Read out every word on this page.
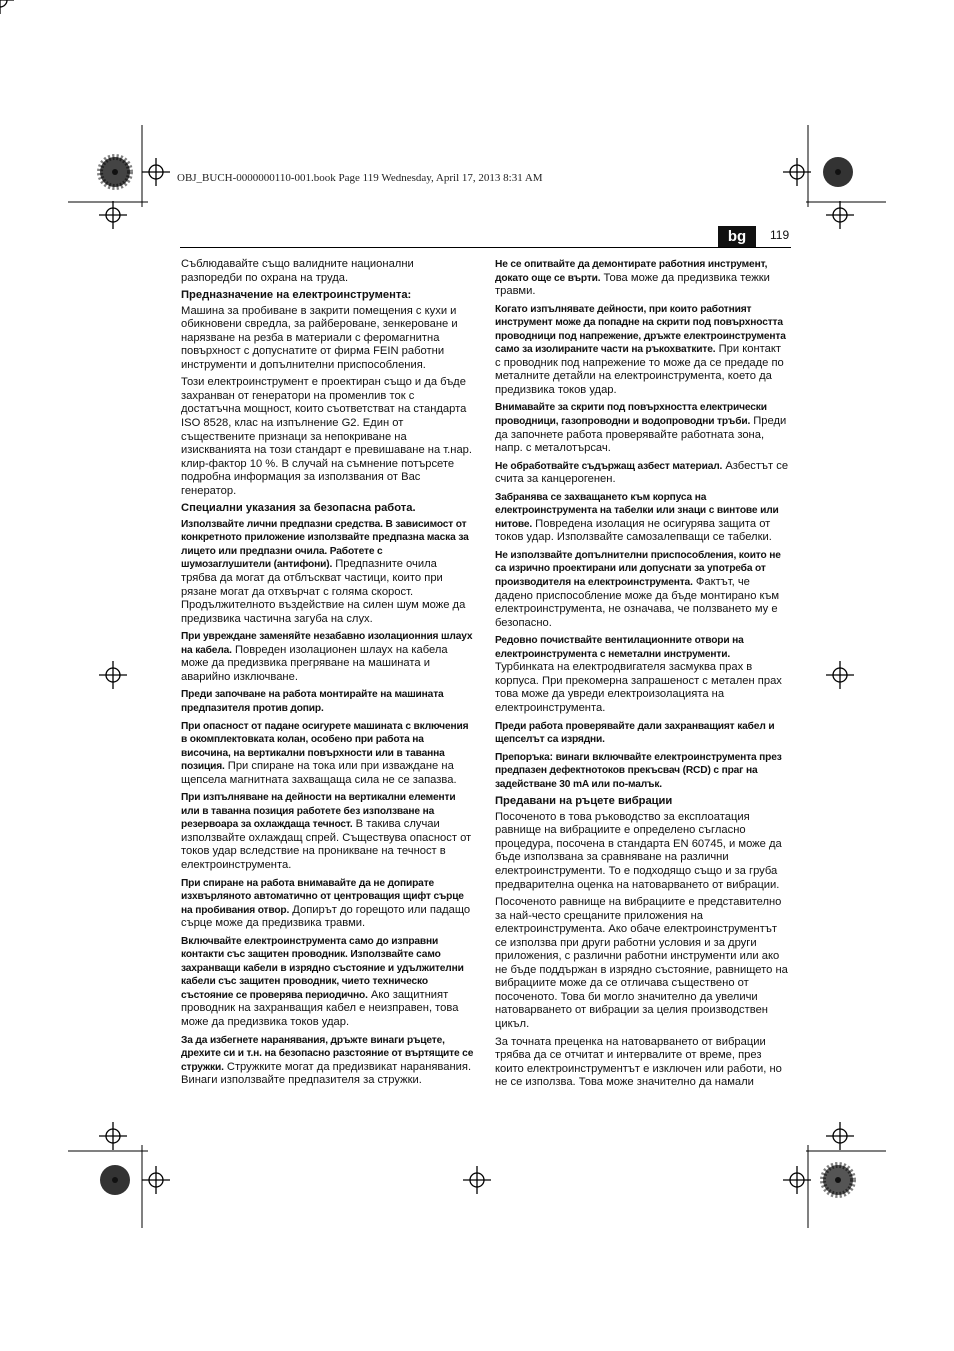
OBJ_BUCH-0000000110-001.book Page 119 Wednesday, April 17, 2013 8:31 AM
bg	119

Съблюдавайте също валидните национални разпоредби по охрана на труда.

Предназначение на електроинструмента:

Машина за пробиване в закрити помещения с кухи и обикновени свредла, за райбероване, зенкероване и нарязване на резба в материали с феромагнитна повърхност с допуснатите от фирма FEIN работни инструменти и допълнителни приспособления.

Този електроинструмент е проектиран също и да бъде захранван от генератори на променлив ток с достатъчна мощност, които съответстват на стандарта ISO 8528, клас на изпълнение G2. Един от съществените признаци за непокриване на изискванията на този стандарт е превишаване на т.нар. клир-фактор 10 %. В случай на съмнение потърсете подробна информация за използвания от Вас генератор.

Специални указания за безопасна работа.

Използвайте лични предпазни средства. В зависимост от конкретното приложение използвайте предпазна маска за лицето или предпазни очила. Работете с шумозаглушители (антифони). Предпазните очила трябва да могат да отблъскват частици, които при рязане могат да отхвърчат с голяма скорост. Продължителното въздействие на силен шум може да предизвика частична загуба на слух.

При увреждане заменяйте незабавно изолационния шлаух на кабела. Повреден изолационен шлаух на кабела може да предизвика прегряване на машината и аварийно изключване.

Преди започване на работа монтирайте на машината предпазителя против допир.

При опасност от падане осигурете машината с включения в окомплектовката колан, особено при работа на височина, на вертикални повърхности или в таванна позиция. При спиране на тока или при изваждане на щепсела магнитната захващаща сила не се запазва.

При изпълняване на дейности на вертикални елементи или в таванна позиция работете без използване на резервоара за охлаждаща течност. В такива случаи използвайте охлаждащ спрей. Съществува опасност от токов удар вследствие на проникване на течност в електроинструмента.

При спиране на работа внимавайте да не допирате изхвърляното автоматично от центроващия щифт сърце на пробивания отвор. Допирът до горещото или падащо сърце може да предизвика травми.

Включвайте електроинструмента само до изправни контакти със защитен проводник. Използвайте само захранващи кабели в изрядно състояние и удължителни кабели със защитен проводник, чието техническо състояние се проверява периодично. Ако защитният проводник на захранващия кабел е неизправен, това може да предизвика токов удар.

За да избегнете наранявания, дръжте винаги ръцете, дрехите си и т.н. на безопасно разстояние от въртящите се стружки. Стружките могат да предизвикат наранявания. Винаги използвайте предпазителя за стружки.

Не се опитвайте да демонтирате работния инструмент, докато още се върти. Това може да предизвика тежки травми.

Когато изпълнявате дейности, при които работният инструмент може да попадне на скрити под повърхността проводници под напрежение, дръжте електроинструмента само за изолираните части на ръкохватките. При контакт с проводник под напрежение то може да се предаде по металните детайли на електроинструмента, което да предизвика токов удар.

Внимавайте за скрити под повърхността електрически проводници, газопроводни и водопроводни тръби. Преди да започнете работа проверявайте работната зона, напр. с металотърсач.

Не обработвайте съдържащ азбест материал. Азбестът се счита за канцерогенен.

Забранява се захващането към корпуса на електроинструмента на табелки или знаци с винтове или нитове. Повредена изолация не осигурява защита от токов удар. Използвайте самозалепващи се табелки.

Не използвайте допълнителни приспособления, които не са изрично проектирани или допуснати за употреба от производителя на електроинструмента. Фактът, че дадено приспособление може да бъде монтирано към електроинструмента, не означава, че ползването му е безопасно.

Редовно почиствайте вентилационните отвори на електроинструмента с неметални инструменти. Турбинката на електродвигателя засмуква прах в корпуса. При прекомерна запрашеност с метален прах това може да увреди електроизолацията на електроинструмента.

Преди работа проверявайте дали захранващият кабел и щепселът са изрядни.

Препоръка: винаги включвайте електроинструмента през предпазен дефектнотоков прекъсвач (RCD) с праг на задействане 30 mA или по-малък.

Предавани на ръцете вибрации

Посоченото в това ръководство за експлоатация равнище на вибрациите е определено съгласно процедура, посочена в стандарта EN 60745, и може да бъде използвана за сравняване на различни електроинструменти. То е подходящо също и за груба предварителна оценка на натоварването от вибрации.

Посоченото равнище на вибрациите е представително за най-често срещаните приложения на електроинструмента. Ако обаче електроинструментът се използва при други работни условия и за други приложения, с различни работни инструменти или ако не бъде поддържан в изрядно състояние, равнището на вибрациите може да се отличава съществено от посоченото. Това би могло значително да увеличи натоварването от вибрации за целия производствен цикъл.

За точната преценка на натоварването от вибрации трябва да се отчитат и интервалите от време, през които електроинструментът е изключен или работи, но не се използва. Това може значително да намали
